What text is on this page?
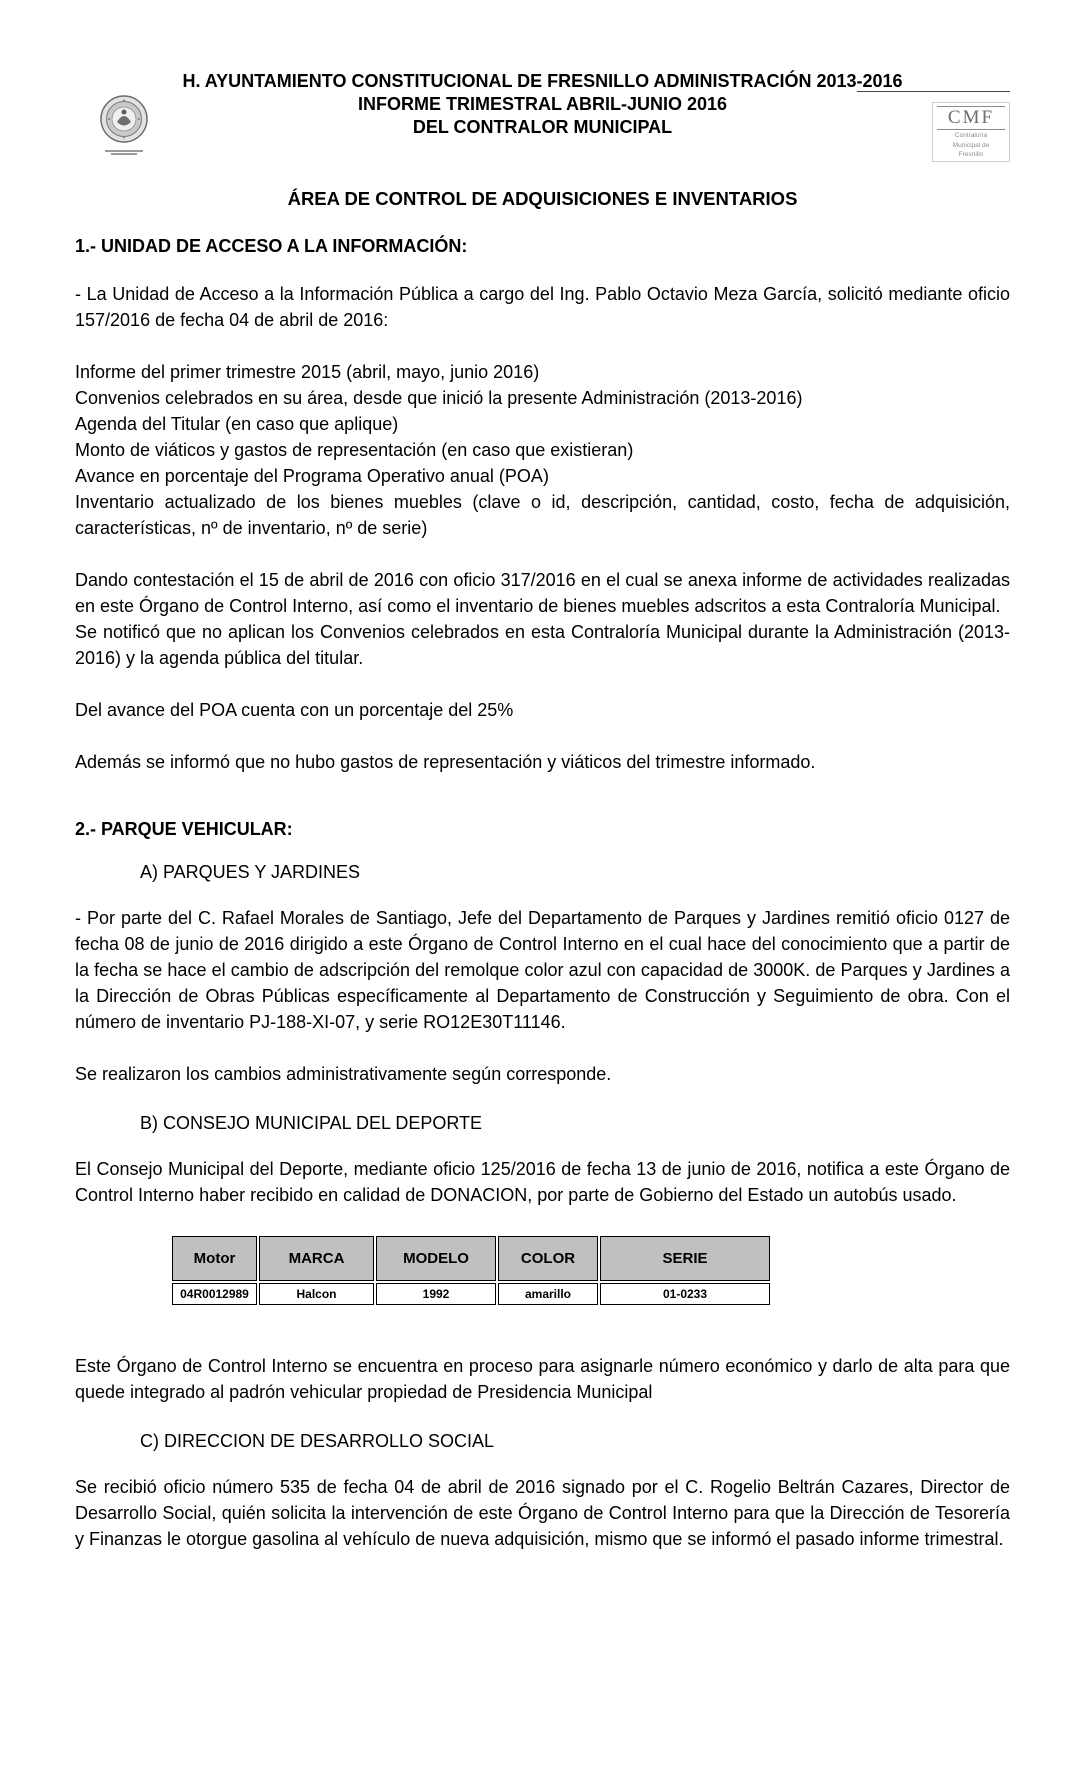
H. AYUNTAMIENTO CONSTITUCIONAL DE FRESNILLO ADMINISTRACIÓN 2013-2016
INFORME TRIMESTRAL ABRIL-JUNIO 2016
DEL CONTRALOR MUNICIPAL	CMF
Contraloría
Municipal de
Fresnillo
ÁREA DE CONTROL DE ADQUISICIONES E INVENTARIOS
1.- UNIDAD DE ACCESO A LA INFORMACIÓN:

- La Unidad de Acceso a la Información Pública a cargo del Ing. Pablo Octavio Meza García, solicitó mediante oficio 157/2016 de fecha 04 de abril de 2016:

Informe del primer trimestre 2015 (abril, mayo, junio 2016)
Convenios celebrados en su área, desde que inició la presente Administración (2013-2016)
Agenda del Titular (en caso que aplique)
Monto de viáticos y gastos de representación (en caso que existieran)
Avance en porcentaje del Programa Operativo anual (POA)
Inventario actualizado de los bienes muebles (clave o id, descripción, cantidad, costo, fecha de adquisición, características, nº de inventario, nº de serie)

Dando contestación el 15 de abril de 2016 con oficio 317/2016 en el cual se anexa informe de actividades realizadas en este Órgano de Control Interno, así como el inventario de bienes muebles adscritos a esta Contraloría Municipal.

Se notificó que no aplican los Convenios celebrados en esta Contraloría Municipal durante la Administración (2013-2016) y la agenda pública del titular.

Del avance del POA cuenta con un porcentaje del 25%

Además se informó que no hubo gastos de representación y viáticos del trimestre informado.

2.- PARQUE VEHICULAR:
A) PARQUES Y JARDINES

- Por parte del C. Rafael Morales de Santiago, Jefe del Departamento de Parques y Jardines remitió oficio 0127 de fecha 08 de junio de 2016 dirigido a este Órgano de Control Interno en el cual hace del conocimiento que a partir de la fecha se hace el cambio de adscripción del remolque color azul con capacidad de 3000K. de Parques y Jardines a la Dirección de Obras Públicas específicamente al Departamento de Construcción y Seguimiento de obra. Con el número de inventario PJ-188-XI-07, y serie RO12E30T11146.

Se realizaron los cambios administrativamente según corresponde.

B) CONSEJO MUNICIPAL DEL DEPORTE

El Consejo Municipal del Deporte, mediante oficio 125/2016 de fecha 13 de junio de 2016, notifica a este Órgano de Control Interno haber recibido en calidad de DONACION, por parte de Gobierno del Estado un autobús usado.

Motor	MARCA	MODELO	COLOR	SERIE
04R0012989	Halcon	1992	amarillo	01-0233

Este Órgano de Control Interno se encuentra en proceso para asignarle número económico y darlo de alta para que quede integrado al padrón vehicular propiedad de Presidencia Municipal

C) DIRECCION DE DESARROLLO SOCIAL

Se recibió oficio número 535 de fecha 04 de abril de 2016 signado por el C. Rogelio Beltrán Cazares, Director de Desarrollo Social, quién solicita la intervención de este Órgano de Control Interno para que la Dirección de Tesorería y Finanzas le otorgue gasolina al vehículo de nueva adquisición, mismo que se informó el pasado informe trimestral.
